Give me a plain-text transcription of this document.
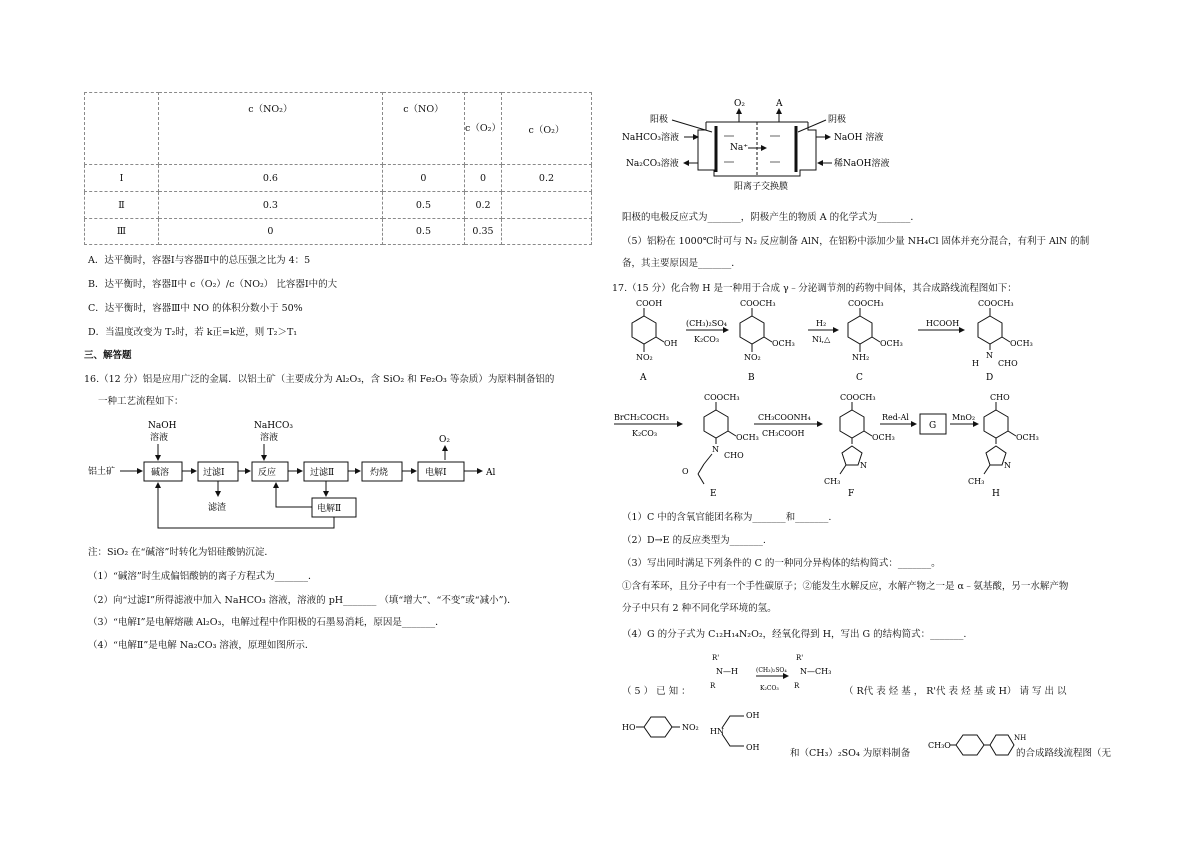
	c（NO₂）	c（NO）	c（O₂）	c（O₂）
Ⅰ	0.6	0	0	0.2
Ⅱ	0.3	0.5	0.2	
Ⅲ	0	0.5	0.35	
A．达平衡时，容器Ⅰ与容器Ⅱ中的总压强之比为 4：5
B．达平衡时，容器Ⅱ中 c（O₂）/c（NO₂） 比容器Ⅰ中的大
C．达平衡时，容器Ⅲ中 NO 的体积分数小于 50%
D．当温度改变为 T₂时，若 k正=k逆，则 T₂＞T₁
三、解答题
16.（12 分）铝是应用广泛的金属．以铝土矿（主要成分为 Al₂O₃，含 SiO₂ 和 Fe₂O₃ 等杂质）为原料制备铝的
一种工艺流程如下：
NaOH
溶液
NaHCO₃
溶液	O₂
铝土矿	碱溶	过滤Ⅰ	反应	过滤Ⅱ	灼烧	电解Ⅰ	Al
滤渣	电解Ⅱ
注：SiO₂ 在“碱溶”时转化为铝硅酸钠沉淀．
（1）“碱溶”时生成偏铝酸钠的离子方程式为_______．
（2）向“过滤Ⅰ”所得滤液中加入 NaHCO₃ 溶液，溶液的 pH_______ （填“增大”、“不变”或“减小”)．
（3）“电解Ⅰ”是电解熔融 Al₂O₃，电解过程中作阳极的石墨易消耗，原因是_______．
（4）“电解Ⅱ”是电解 Na₂CO₃ 溶液，原理如图所示．
O₂	A
阳极	阴极
Na⁺
NaHCO₃溶液
Na₂CO₃溶液
NaOH 溶液
稀NaOH溶液
阳离子交换膜
阳极的电极反应式为_______，阴极产生的物质 A 的化学式为_______．
（5）铝粉在 1000℃时可与 N₂ 反应制备 AlN，在铝粉中添加少量 NH₄Cl 固体并充分混合，有利于 AlN 的制
备，其主要原因是_______．
17.（15 分）化合物 H 是一种用于合成 γ﹣分泌调节剂的药物中间体，其合成路线流程图如下：
COOH
OH
NO₂
A
(CH₃)₂SO₄
K₂CO₃
COOCH₃
OCH₃
NO₂
B
H₂
Ni,△
COOCH₃
OCH₃
NH₂
C
HCOOH
COOCH₃
OCH₃
N
H CHO
D
BrCH₂COCH₃
K₂CO₃
COOCH₃
OCH₃
N
CHO
O
E
CH₃COONH₄
CH₃COOH
COOCH₃
OCH₃
N
CH₃
F
Red-Al
G
MnO₂
CHO
OCH₃
N
CH₃
H
（1）C 中的含氧官能团名称为_______和_______.
（2）D→E 的反应类型为_______.
（3）写出同时满足下列条件的 C 的一种同分异构体的结构简式：_______。
①含有苯环，且分子中有一个手性碳原子；②能发生水解反应，水解产物之一是 α﹣氨基酸，另一水解产物
分子中只有 2 种不同化学环境的氢。
（4）G 的分子式为 C₁₂H₁₄N₂O₂，经氧化得到 H，写出 G 的结构简式：_______.
（ 5 ） 已 知 ：
R'
N—H
R
(CH₃)₂SO₄
K₂CO₃
R'
N—CH₃
R	（ R代 表 烃 基 ， R'代 表 烃 基 或 H） 请 写 出 以
HO	NO₂ HN
OH
OH
和（CH₃）₂SO₄ 为原料制备
CH₃O
NH
的合成路线流程图（无
